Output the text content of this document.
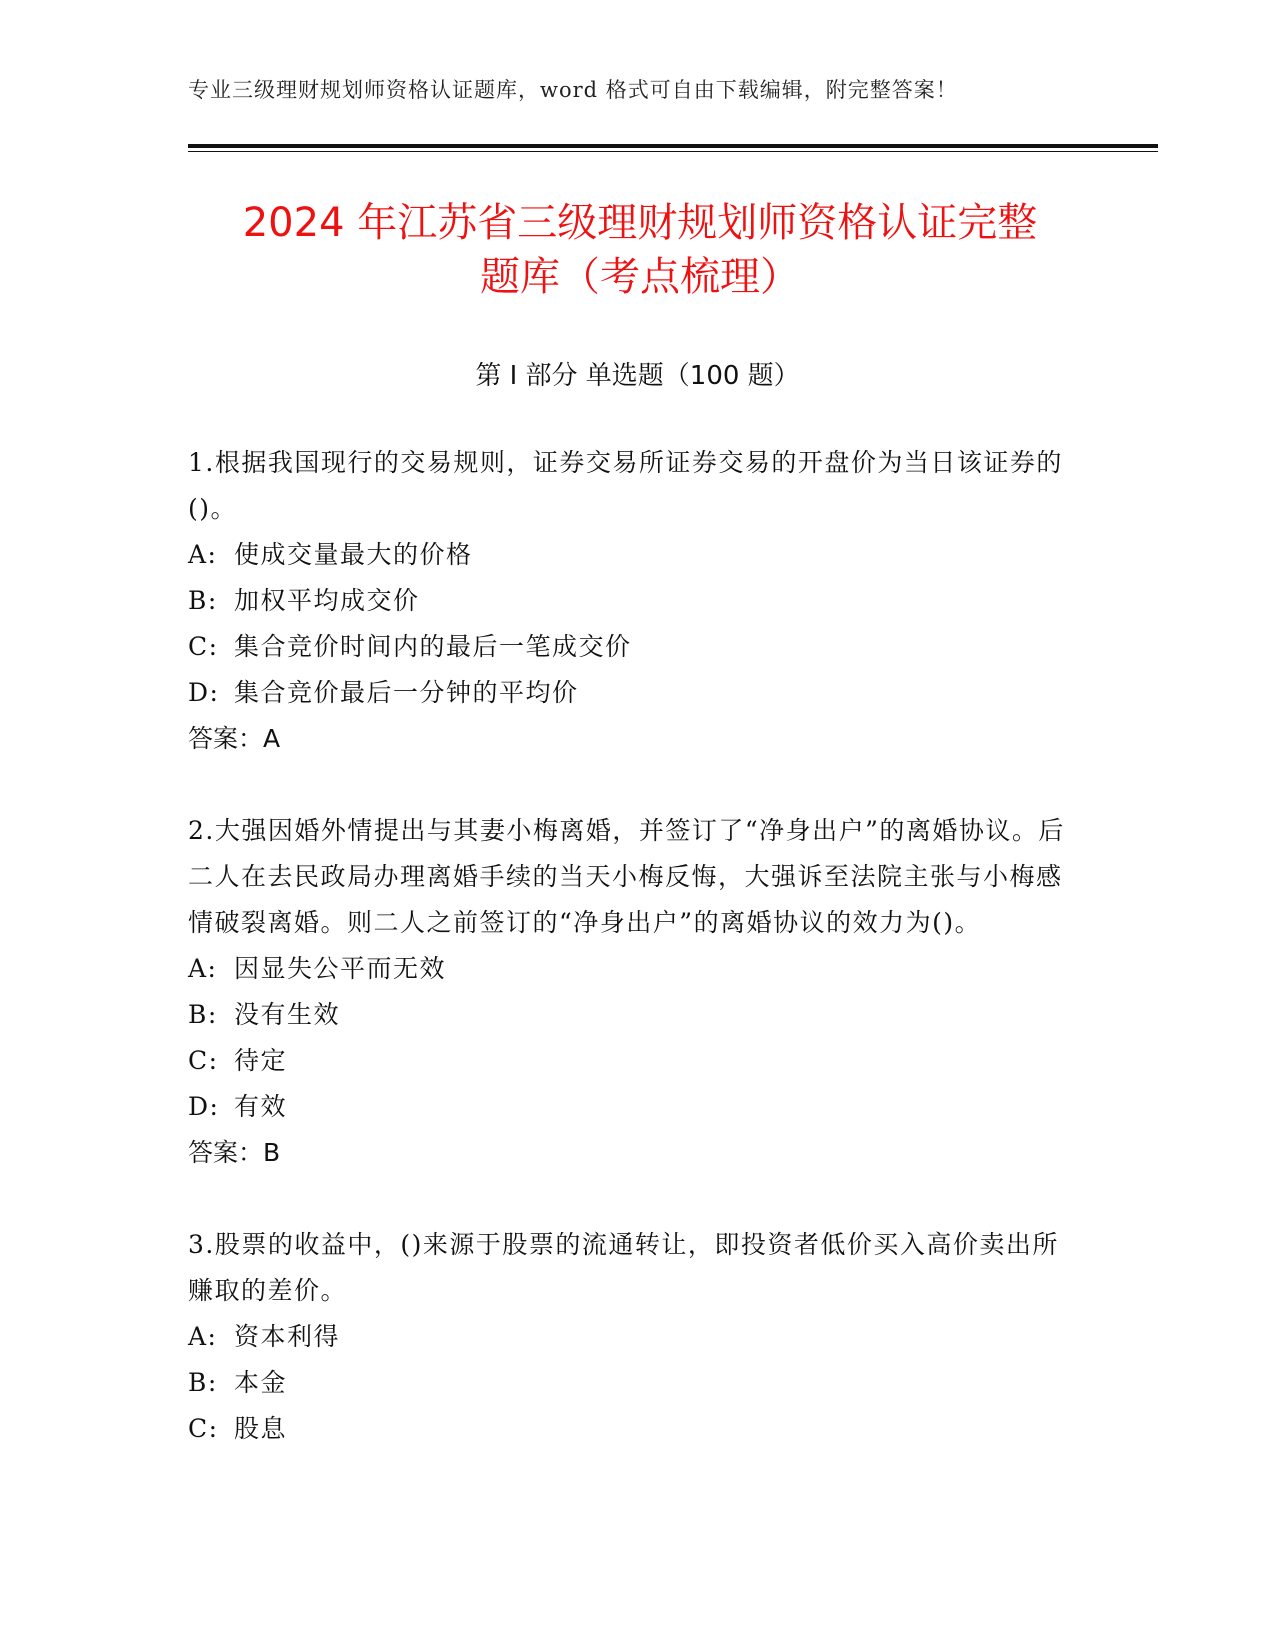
专业三级理财规划师资格认证题库，word 格式可自由下载编辑，附完整答案！
2024 年江苏省三级理财规划师资格认证完整
题库（考点梳理）
第 I 部分 单选题（100 题）

1.根据我国现行的交易规则，证券交易所证券交易的开盘价为当日该证券的()。

A: 使成交量最大的价格

B: 加权平均成交价

C: 集合竞价时间内的最后一笔成交价

D: 集合竞价最后一分钟的平均价

答案：A

2.大强因婚外情提出与其妻小梅离婚，并签订了“净身出户”的离婚协议。后二人在去民政局办理离婚手续的当天小梅反悔，大强诉至法院主张与小梅感情破裂离婚。则二人之前签订的“净身出户”的离婚协议的效力为()。

A: 因显失公平而无效

B: 没有生效

C: 待定

D: 有效

答案：B

3.股票的收益中，()来源于股票的流通转让，即投资者低价买入高价卖出所赚取的差价。

A: 资本利得

B: 本金

C: 股息
